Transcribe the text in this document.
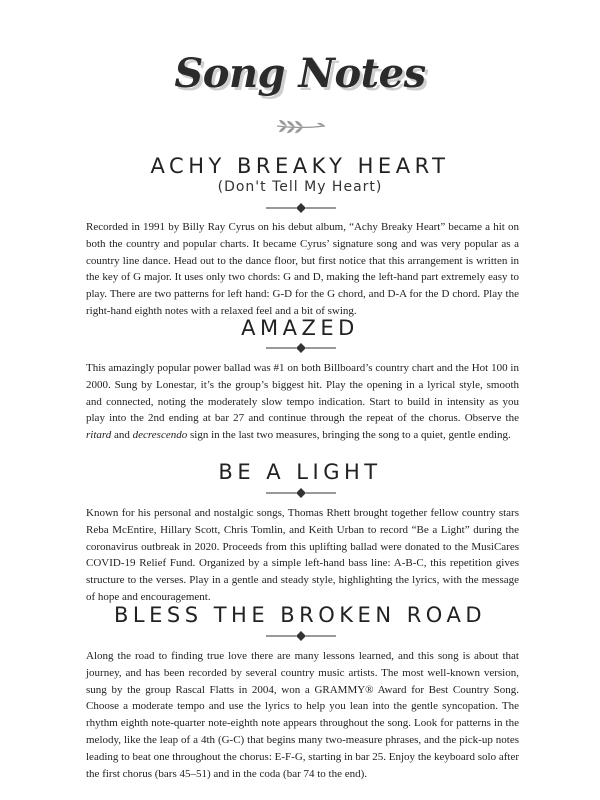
Song Notes
ACHY BREAKY HEART
(Don't Tell My Heart)

Recorded in 1991 by Billy Ray Cyrus on his debut album, “Achy Breaky Heart” became a hit on both the country and popular charts. It became Cyrus’ signature song and was very popular as a country line dance. Head out to the dance floor, but first notice that this arrangement is written in the key of G major. It uses only two chords: G and D, making the left-hand part extremely easy to play. There are two patterns for left hand: G-D for the G chord, and D-A for the D chord. Play the right-hand eighth notes with a relaxed feel and a bit of swing.

AMAZED

This amazingly popular power ballad was #1 on both Billboard’s country chart and the Hot 100 in 2000. Sung by Lonestar, it’s the group’s biggest hit. Play the opening in a lyrical style, smooth and connected, noting the moderately slow tempo indication. Start to build in intensity as you play into the 2nd ending at bar 27 and continue through the repeat of the chorus. Observe the ritard and decrescendo sign in the last two measures, bringing the song to a quiet, gentle ending.

BE A LIGHT

Known for his personal and nostalgic songs, Thomas Rhett brought together fellow country stars Reba McEntire, Hillary Scott, Chris Tomlin, and Keith Urban to record “Be a Light” during the coronavirus outbreak in 2020. Proceeds from this uplifting ballad were donated to the MusiCares COVID-19 Relief Fund. Organized by a simple left-hand bass line: A-B-C, this repetition gives structure to the verses. Play in a gentle and steady style, highlighting the lyrics, with the message of hope and encouragement.

BLESS THE BROKEN ROAD

Along the road to finding true love there are many lessons learned, and this song is about that journey, and has been recorded by several country music artists. The most well-known version, sung by the group Rascal Flatts in 2004, won a GRAMMY® Award for Best Country Song. Choose a moderate tempo and use the lyrics to help you lean into the gentle syncopation. The rhythm eighth note-quarter note-eighth note appears throughout the song. Look for patterns in the melody, like the leap of a 4th (G-C) that begins many two-measure phrases, and the pick-up notes leading to beat one throughout the chorus: E-F-G, starting in bar 25. Enjoy the keyboard solo after the first chorus (bars 45–51) and in the coda (bar 74 to the end).
